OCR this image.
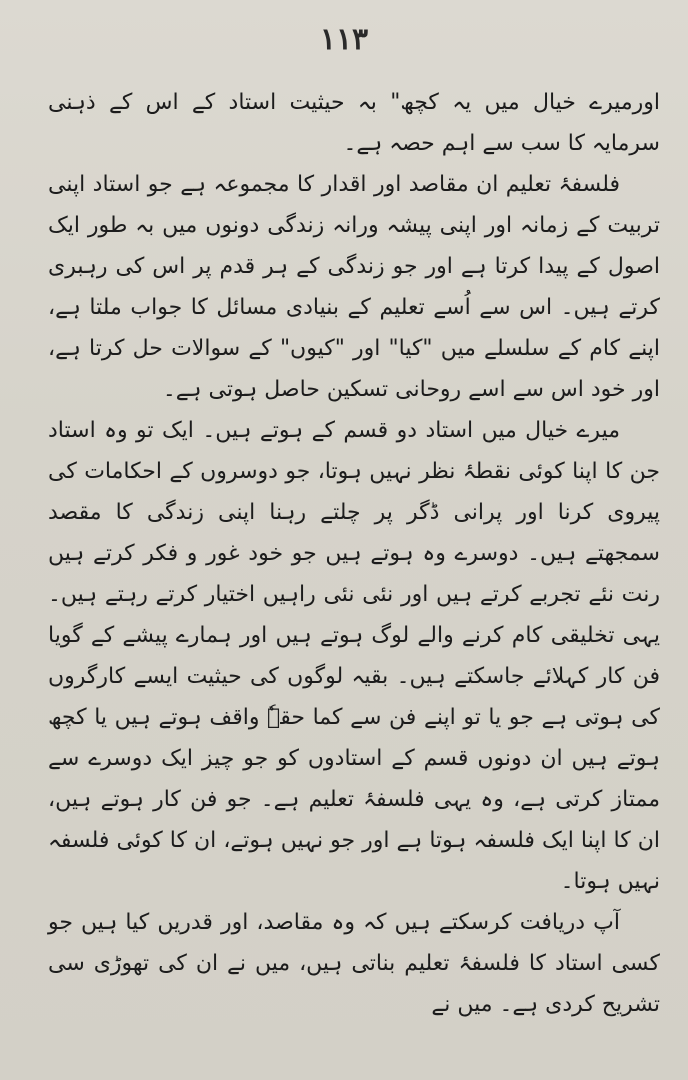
۱۱۳

اورمیرے خیال میں یہ کچھ" بہ حیثیت استاد کے اس کے ذہنی سرمایہ کا سب سے اہم حصہ ہے۔

فلسفۂ تعلیم ان مقاصد اور اقدار کا مجموعہ ہے جو استاد اپنی تربیت کے زمانہ اور اپنی پیشہ ورانہ زندگی دونوں میں بہ طور ایک اصول کے پیدا کرتا ہے اور جو زندگی کے ہر قدم پر اس کی رہبری کرتے ہیں۔ اس سے اُسے تعلیم کے بنیادی مسائل کا جواب ملتا ہے، اپنے کام کے سلسلے میں "کیا" اور "کیوں" کے سوالات حل کرتا ہے، اور خود اس سے اسے روحانی تسکین حاصل ہوتی ہے۔

میرے خیال میں استاد دو قسم کے ہوتے ہیں۔ ایک تو وہ استاد جن کا اپنا کوئی نقطۂ نظر نہیں ہوتا، جو دوسروں کے احکامات کی پیروی کرنا اور پرانی ڈگر پر چلتے رہنا اپنی زندگی کا مقصد سمجھتے ہیں۔ دوسرے وہ ہوتے ہیں جو خود غور و فکر کرتے ہیں رنت نئے تجربے کرتے ہیں اور نئی نئی راہیں اختیار کرتے رہتے ہیں۔ یہی تخلیقی کام کرنے والے لوگ ہوتے ہیں اور ہمارے پیشے کے گویا فن کار کہلائے جاسکتے ہیں۔ بقیہ لوگوں کی حیثیت ایسے کارگروں کی ہوتی ہے جو یا تو اپنے فن سے کما حقہٗ واقف ہوتے ہیں یا کچھ ہوتے ہیں ان دونوں قسم کے استادوں کو جو چیز ایک دوسرے سے ممتاز کرتی ہے، وہ یہی فلسفۂ تعلیم ہے۔ جو فن کار ہوتے ہیں، ان کا اپنا ایک فلسفہ ہوتا ہے اور جو نہیں ہوتے، ان کا کوئی فلسفہ نہیں ہوتا۔

آپ دریافت کرسکتے ہیں کہ وہ مقاصد، اور قدریں کیا ہیں جو کسی استاد کا فلسفۂ تعلیم بناتی ہیں، میں نے ان کی تھوڑی سی تشریح کردی ہے۔ میں نے
